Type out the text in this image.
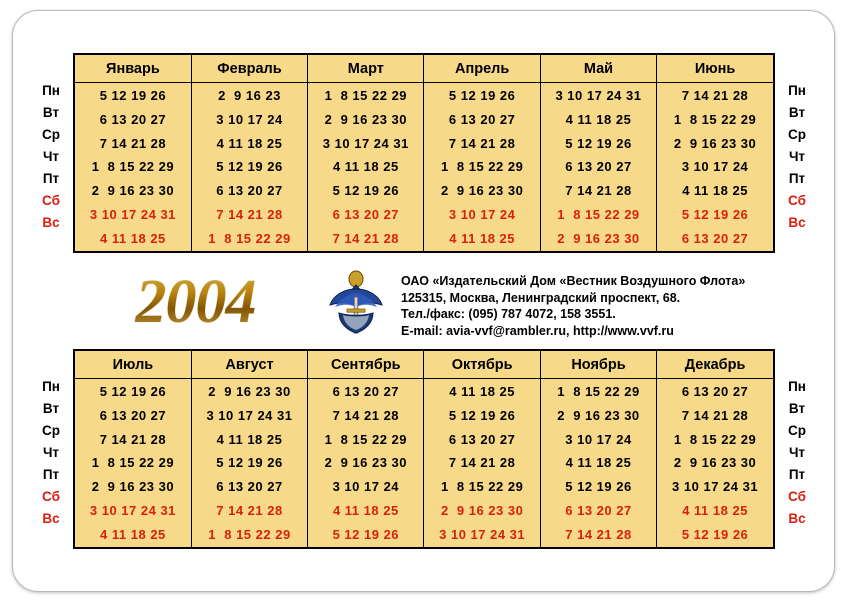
Январь	Февраль	Март	Апрель	Май	Июнь
5 12 19 26	2  9 16 23	1  8 15 22 29	5 12 19 26	3 10 17 24 31	7 14 21 28
6 13 20 27	3 10 17 24	2  9 16 23 30	6 13 20 27	4 11 18 25	1  8 15 22 29
7 14 21 28	4 11 18 25	3 10 17 24 31	7 14 21 28	5 12 19 26	2  9 16 23 30
1  8 15 22 29	5 12 19 26	4 11 18 25	1  8 15 22 29	6 13 20 27	3 10 17 24
2  9 16 23 30	6 13 20 27	5 12 19 26	2  9 16 23 30	7 14 21 28	4 11 18 25
3 10 17 24 31	7 14 21 28	6 13 20 27	3 10 17 24	1  8 15 22 29	5 12 19 26
4 11 18 25	1  8 15 22 29	7 14 21 28	4 11 18 25	2  9 16 23 30	6 13 20 27
Пн
Вт
Ср
Чт
Пт
Сб
Вс
Пн
Вт
Ср
Чт
Пт
Сб
Вс
2004	ОАО «Издательский Дом «Вестник Воздушного Флота»
125315, Москва, Ленинградский проспект, 68.
Тел./факс: (095) 787 4072, 158 3551.
E-mail: avia-vvf@rambler.ru, http://www.vvf.ru
Июль	Август	Сентябрь	Октябрь	Ноябрь	Декабрь
5 12 19 26	2  9 16 23 30	6 13 20 27	4 11 18 25	1  8 15 22 29	6 13 20 27
6 13 20 27	3 10 17 24 31	7 14 21 28	5 12 19 26	2  9 16 23 30	7 14 21 28
7 14 21 28	4 11 18 25	1  8 15 22 29	6 13 20 27	3 10 17 24	1  8 15 22 29
1  8 15 22 29	5 12 19 26	2  9 16 23 30	7 14 21 28	4 11 18 25	2  9 16 23 30
2  9 16 23 30	6 13 20 27	3 10 17 24	1  8 15 22 29	5 12 19 26	3 10 17 24 31
3 10 17 24 31	7 14 21 28	4 11 18 25	2  9 16 23 30	6 13 20 27	4 11 18 25
4 11 18 25	1  8 15 22 29	5 12 19 26	3 10 17 24 31	7 14 21 28	5 12 19 26
Пн
Вт
Ср
Чт
Пт
Сб
Вс
Пн
Вт
Ср
Чт
Пт
Сб
Вс
